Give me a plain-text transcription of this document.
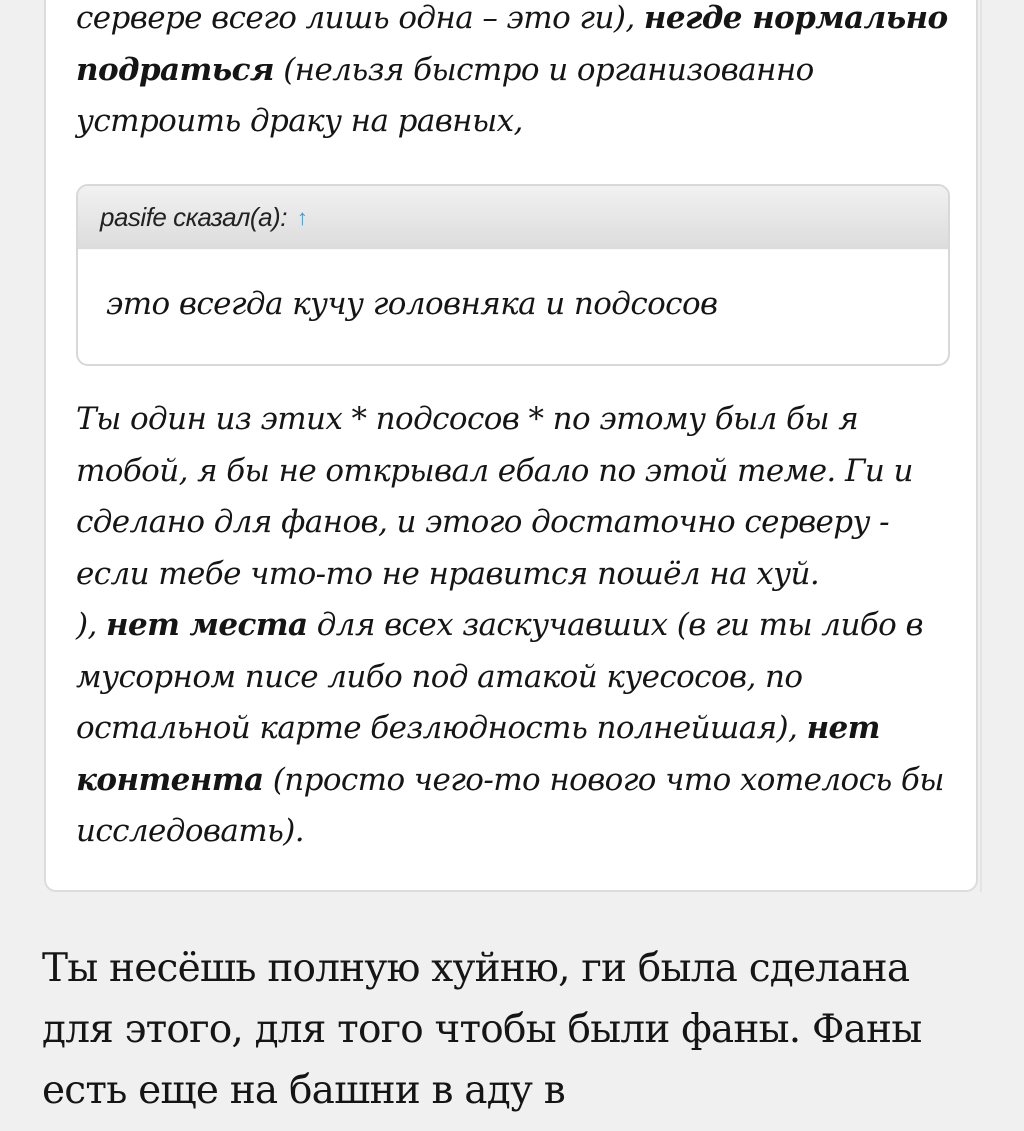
сервере всего лишь одна – это ги), негде нормально подраться (нельзя быстро и организованно устроить драку на равных,
pasife
сказал(а): ↑
это всегда кучу головняка и подсосов
Ты один из этих * подсосов * по этому был бы я тобой, я бы не открывал ебало по этой теме. Ги и сделано для фанов, и этого достаточно серверу - если тебе что-то не нравится пошёл на хуй.
), нет места для всех заскучавших (в ги ты либо в мусорном писе либо под атакой куесосов, по остальной карте безлюдность полнейшая), нет контента (просто чего-то нового что хотелось бы исследовать).
Ты несёшь полную хуйню, ги была сделана для этого, для того чтобы были фаны. Фаны есть еще на башни в аду в
